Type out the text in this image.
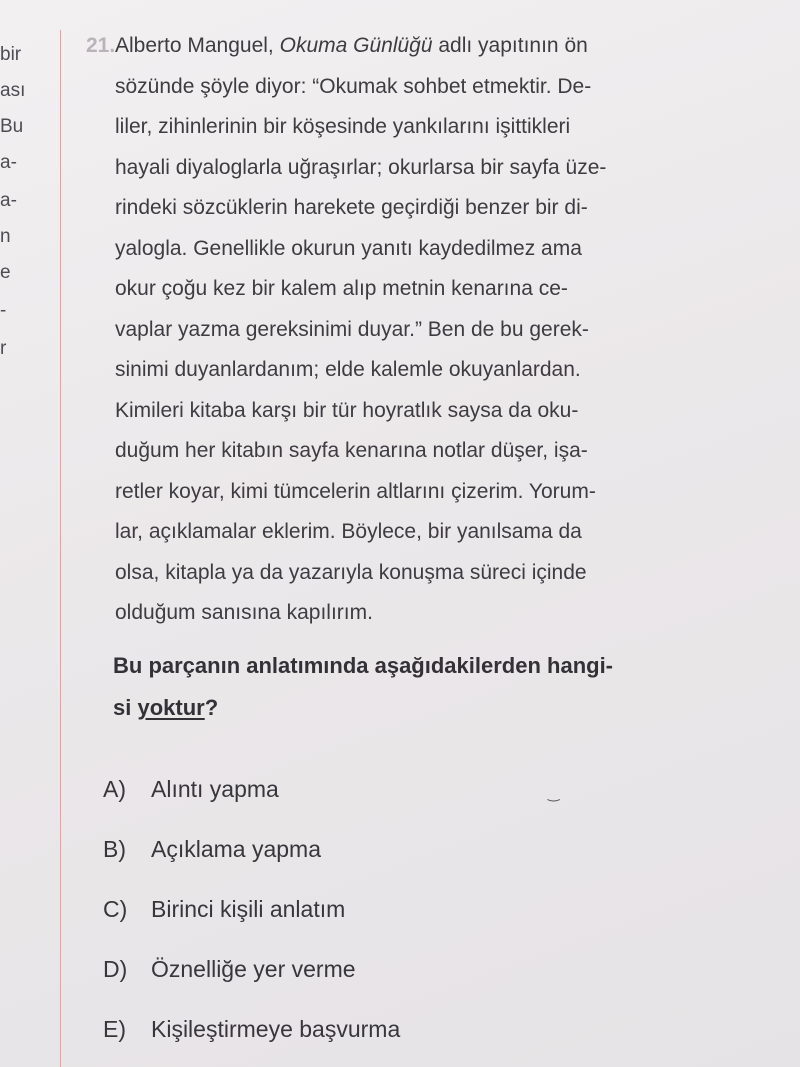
bir
ası
Bu
a-
a-
n
e
-
r
21. Alberto Manguel, Okuma Günlüğü adlı yapıtının ön
sözünde şöyle diyor: “Okumak sohbet etmektir. De-
liler, zihinlerinin bir köşesinde yankılarını işittikleri
hayali diyaloglarla uğraşırlar; okurlarsa bir sayfa üze-
rindeki sözcüklerin harekete geçirdiği benzer bir di-
yalogla. Genellikle okurun yanıtı kaydedilmez ama
okur çoğu kez bir kalem alıp metnin kenarına ce-
vaplar yazma gereksinimi duyar.” Ben de bu gerek-
sinimi duyanlardanım; elde kalemle okuyanlardan.
Kimileri kitaba karşı bir tür hoyratlık saysa da oku-
duğum her kitabın sayfa kenarına notlar düşer, işa-
retler koyar, kimi tümcelerin altlarını çizerim. Yorum-
lar, açıklamalar eklerim. Böylece, bir yanılsama da
olsa, kitapla ya da yazarıyla konuşma süreci içinde
olduğum sanısına kapılırım.

Bu parçanın anlatımında aşağıdakilerden hangi-
si yoktur?

‿
A) Alıntı yapma
B) Açıklama yapma
C) Birinci kişili anlatım
D) Öznelliğe yer verme
E) Kişileştirmeye başvurma
